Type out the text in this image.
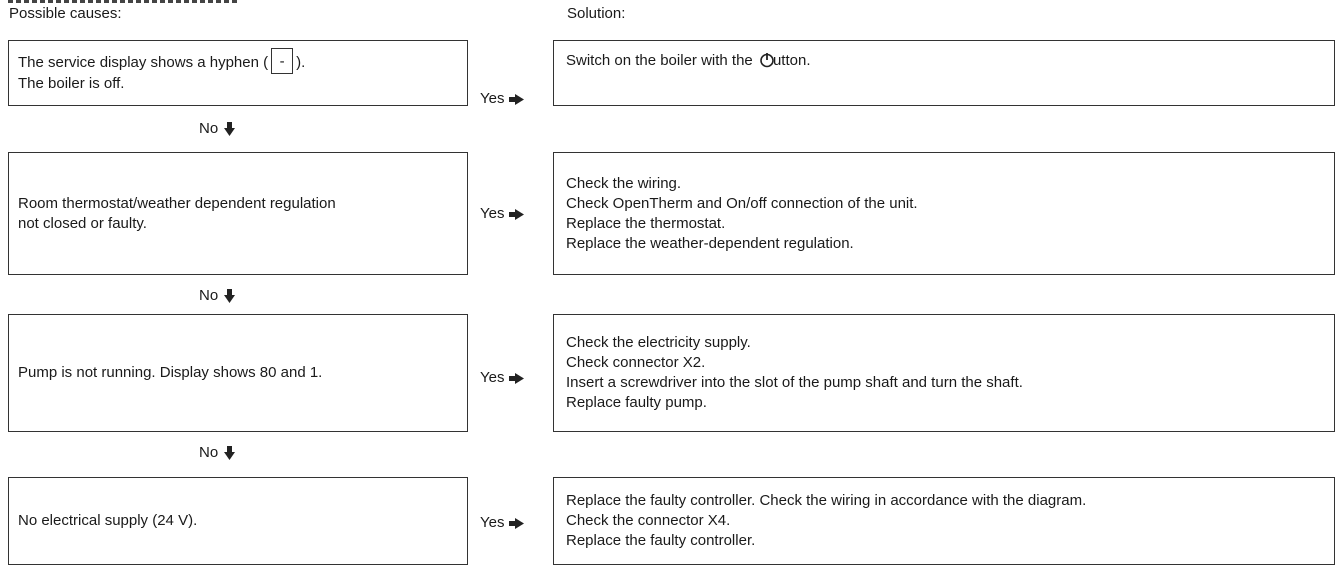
Possible causes:	Solution:
The service display shows a hyphen ( - ).
The boiler is off.
Yes
Switch on the boiler with the utton.
No
Room thermostat/weather dependent regulation
not closed or faulty.
Yes
Check the wiring.
Check OpenTherm and On/off connection of the unit.
Replace the thermostat.
Replace the weather-dependent regulation.
No
Pump is not running. Display shows 80 and 1.	Yes
Check the electricity supply.
Check connector X2.
Insert a screwdriver into the slot of the pump shaft and turn the shaft.
Replace faulty pump.
No
No electrical supply (24 V).	Yes
Replace the faulty controller. Check the wiring in accordance with the diagram.
Check the connector X4.
Replace the faulty controller.
